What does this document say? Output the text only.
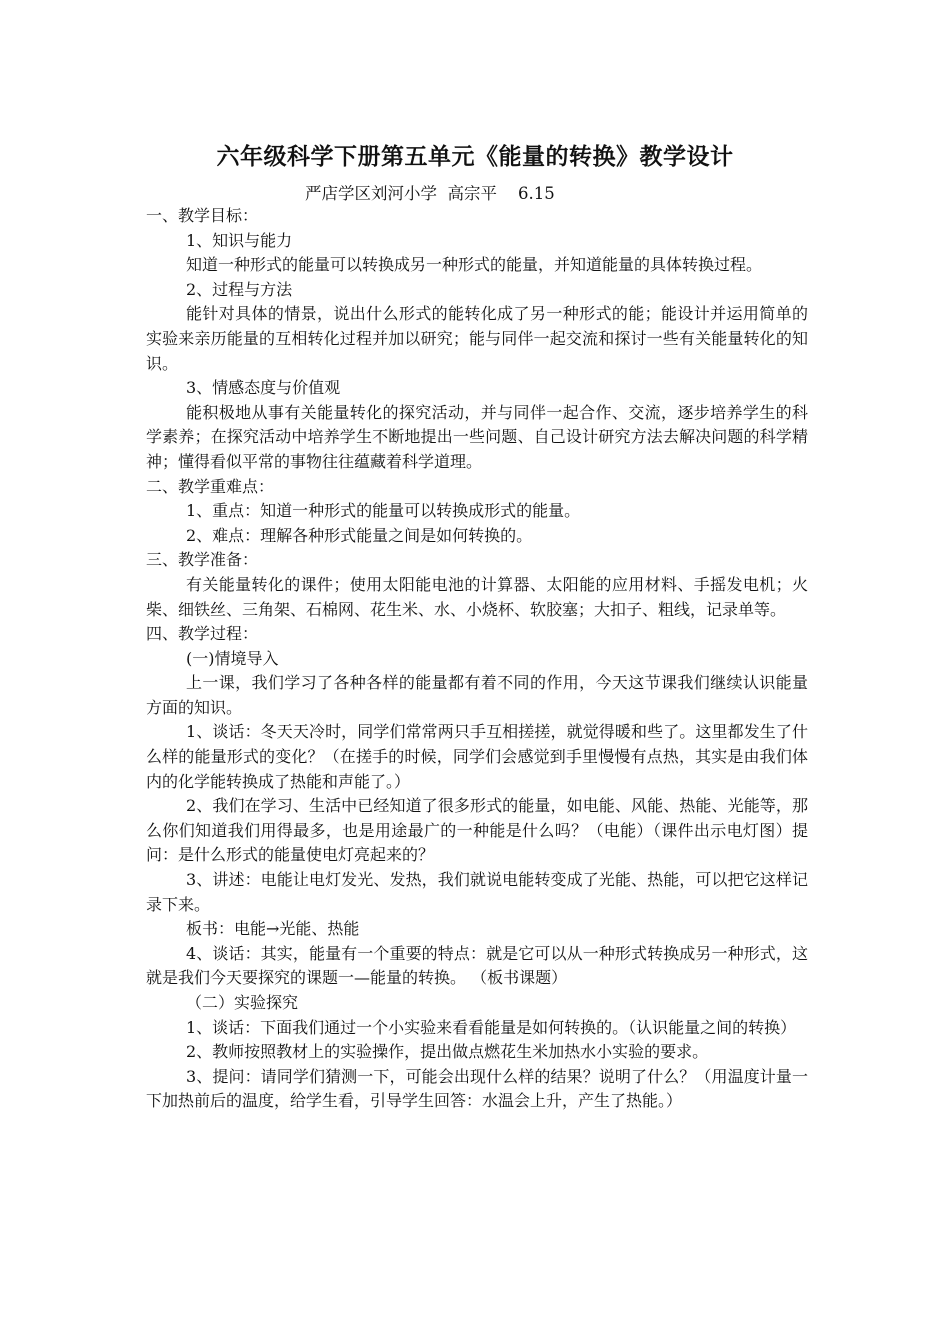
六年级科学下册第五单元《能量的转换》教学设计
严店学区刘河小学  高宗平    6.15

一、教学目标：

1、知识与能力

知道一种形式的能量可以转换成另一种形式的能量，并知道能量的具体转换过程。

2、过程与方法

能针对具体的情景，说出什么形式的能转化成了另一种形式的能；能设计并运用简单的实验来亲历能量的互相转化过程并加以研究；能与同伴一起交流和探讨一些有关能量转化的知识。

3、情感态度与价值观

能积极地从事有关能量转化的探究活动，并与同伴一起合作、交流，逐步培养学生的科学素养；在探究活动中培养学生不断地提出一些问题、自己设计研究方法去解决问题的科学精神；懂得看似平常的事物往往蕴藏着科学道理。

二、教学重难点：

1、重点：知道一种形式的能量可以转换成形式的能量。

2、难点：理解各种形式能量之间是如何转换的。

三、教学准备：

有关能量转化的课件；使用太阳能电池的计算器、太阳能的应用材料、手摇发电机；火柴、细铁丝、三角架、石棉网、花生米、水、小烧杯、软胶塞；大扣子、粗线，记录单等。

四、教学过程：

(一)情境导入

上一课，我们学习了各种各样的能量都有着不同的作用，今天这节课我们继续认识能量方面的知识。

1、谈话：冬天天冷时，同学们常常两只手互相搓搓，就觉得暖和些了。这里都发生了什么样的能量形式的变化？（在搓手的时候，同学们会感觉到手里慢慢有点热，其实是由我们体内的化学能转换成了热能和声能了。）

2、我们在学习、生活中已经知道了很多形式的能量，如电能、风能、热能、光能等，那么你们知道我们用得最多，也是用途最广的一种能是什么吗？（电能）（课件出示电灯图）提问：是什么形式的能量使电灯亮起来的？

3、讲述：电能让电灯发光、发热，我们就说电能转变成了光能、热能，可以把它这样记录下来。

板书：电能→光能、热能

4、谈话：其实，能量有一个重要的特点：就是它可以从一种形式转换成另一种形式，这就是我们今天要探究的课题一—能量的转换。 （板书课题）

（二）实验探究

1、谈话：下面我们通过一个小实验来看看能量是如何转换的。（认识能量之间的转换）

2、教师按照教材上的实验操作，提出做点燃花生米加热水小实验的要求。

3、提问：请同学们猜测一下，可能会出现什么样的结果？说明了什么？（用温度计量一下加热前后的温度，给学生看，引导学生回答：水温会上升，产生了热能。）
